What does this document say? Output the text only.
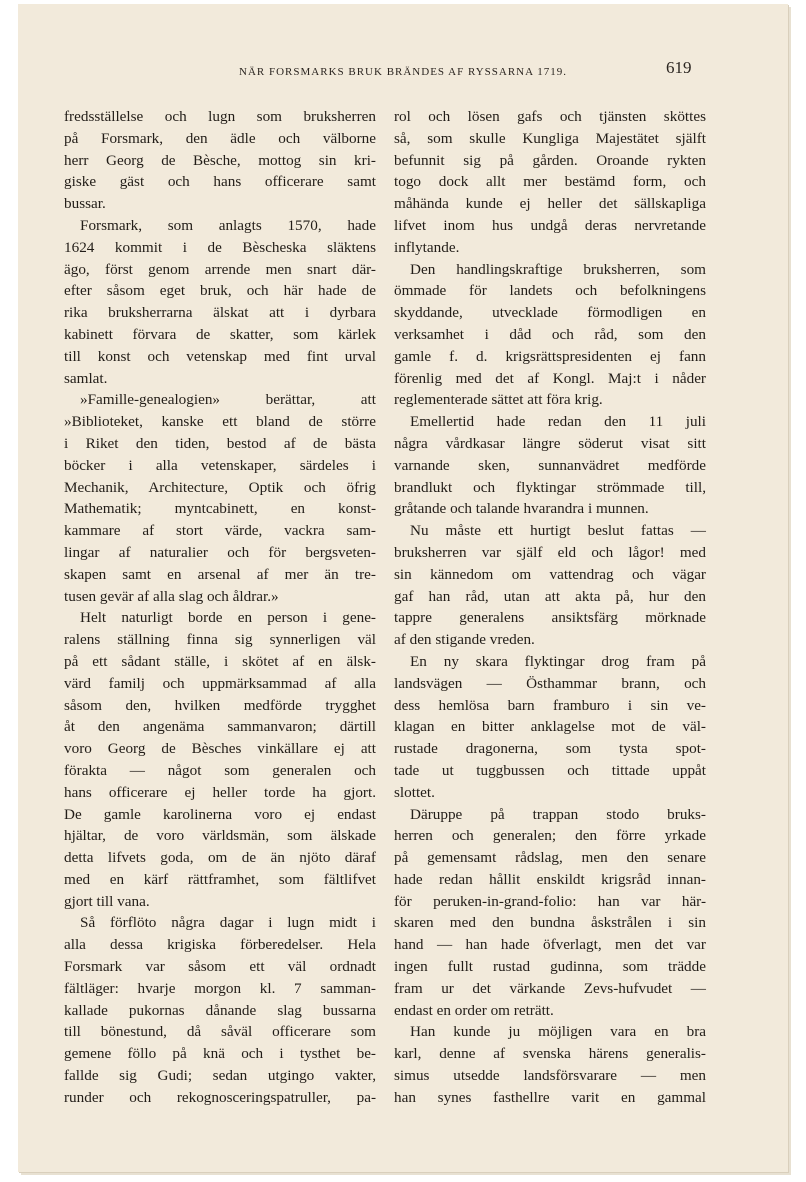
NÄR FORSMARKS BRUK BRÄNDES AF RYSSARNA 1719.	619
fredsställelse och lugn som bruksherren
på Forsmark, den ädle och välborne
herr Georg de Bèsche, mottog sin kri-
giske gäst och hans officerare samt
bussar.
Forsmark, som anlagts 1570, hade
1624 kommit i de Bèscheska släktens
ägo, först genom arrende men snart där-
efter såsom eget bruk, och här hade de
rika bruksherrarna älskat att i dyrbara
kabinett förvara de skatter, som kärlek
till konst och vetenskap med fint urval
samlat.
»Famille-genealogien» berättar, att
»Biblioteket, kanske ett bland de större
i Riket den tiden, bestod af de bästa
böcker i alla vetenskaper, särdeles i
Mechanik, Architecture, Optik och öfrig
Mathematik; myntcabinett, en konst-
kammare af stort värde, vackra sam-
lingar af naturalier och för bergsveten-
skapen samt en arsenal af mer än tre-
tusen gevär af alla slag och åldrar.»
Helt naturligt borde en person i gene-
ralens ställning finna sig synnerligen väl
på ett sådant ställe, i skötet af en älsk-
värd familj och uppmärksammad af alla
såsom den, hvilken medförde trygghet
åt den angenäma sammanvaron; därtill
voro Georg de Bèsches vinkällare ej att
förakta — något som generalen och
hans officerare ej heller torde ha gjort.
De gamle karolinerna voro ej endast
hjältar, de voro världsmän, som älskade
detta lifvets goda, om de än njöto däraf
med en kärf rättframhet, som fältlifvet
gjort till vana.
Så förflöto några dagar i lugn midt i
alla dessa krigiska förberedelser. Hela
Forsmark var såsom ett väl ordnadt
fältläger: hvarje morgon kl. 7 samman-
kallade pukornas dånande slag bussarna
till bönestund, då såväl officerare som
gemene föllo på knä och i tysthet be-
fallde sig Gudi; sedan utgingo vakter,
runder och rekognosceringspatruller, pa-
rol och lösen gafs och tjänsten sköttes
så, som skulle Kungliga Majestätet själft
befunnit sig på gården. Oroande rykten
togo dock allt mer bestämd form, och
måhända kunde ej heller det sällskapliga
lifvet inom hus undgå deras nervretande
inflytande.
Den handlingskraftige bruksherren, som
ömmade för landets och befolkningens
skyddande, utvecklade förmodligen en
verksamhet i dåd och råd, som den
gamle f. d. krigsrättspresidenten ej fann
förenlig med det af Kongl. Maj:t i nåder
reglementerade sättet att föra krig.
Emellertid hade redan den 11 juli
några vårdkasar längre söderut visat sitt
varnande sken, sunnanvädret medförde
brandlukt och flyktingar strömmade till,
gråtande och talande hvarandra i munnen.
Nu måste ett hurtigt beslut fattas —
bruksherren var själf eld och lågor! med
sin kännedom om vattendrag och vägar
gaf han råd, utan att akta på, hur den
tappre generalens ansiktsfärg mörknade
af den stigande vreden.
En ny skara flyktingar drog fram på
landsvägen — Östhammar brann, och
dess hemlösa barn framburo i sin ve-
klagan en bitter anklagelse mot de väl-
rustade dragonerna, som tysta spot-
tade ut tuggbussen och tittade uppåt
slottet.
Däruppe på trappan stodo bruks-
herren och generalen; den förre yrkade
på gemensamt rådslag, men den senare
hade redan hållit enskildt krigsråd innan-
för peruken-in-grand-folio: han var här-
skaren med den bundna åskstrålen i sin
hand — han hade öfverlagt, men det var
ingen fullt rustad gudinna, som trädde
fram ur det värkande Zevs-hufvudet —
endast en order om reträtt.
Han kunde ju möjligen vara en bra
karl, denne af svenska härens generalis-
simus utsedde landsförsvarare — men
han synes fasthellre varit en gammal
